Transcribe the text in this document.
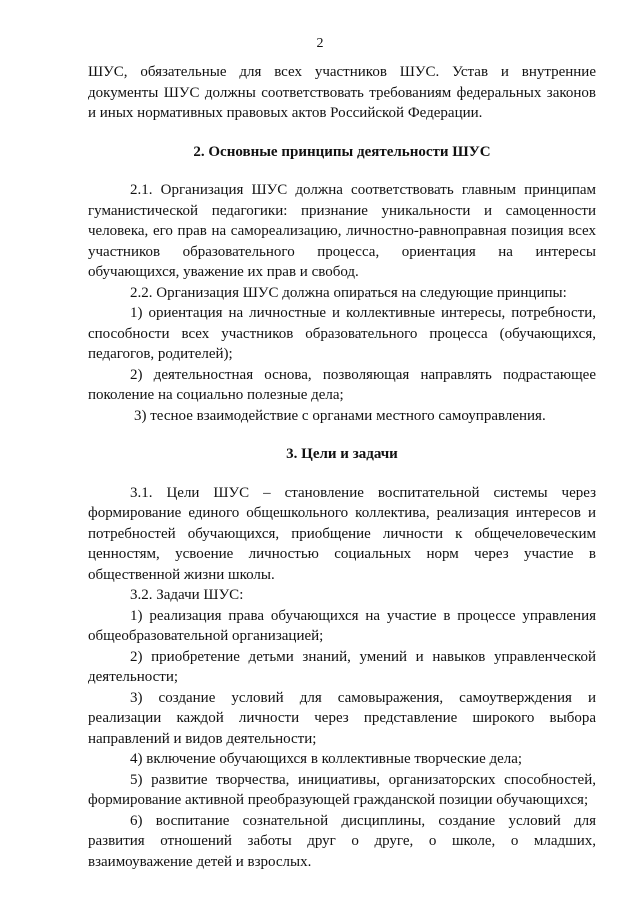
2

ШУС, обязательные для всех участников ШУС. Устав и внутренние документы ШУС должны соответствовать требованиям федеральных законов и иных нормативных правовых актов Российской Федерации.

2. Основные принципы деятельности ШУС

2.1. Организация ШУС должна соответствовать главным принципам гуманистической педагогики: признание уникальности и самоценности человека, его прав на самореализацию, личностно-равноправная позиция всех участников образовательного процесса, ориентация на интересы обучающихся, уважение их прав и свобод.

2.2. Организация ШУС должна опираться на следующие принципы:

1) ориентация на личностные и коллективные интересы, потребности, способности всех участников образовательного процесса (обучающихся, педагогов, родителей);

2) деятельностная основа, позволяющая направлять подрастающее поколение на социально полезные дела;

3) тесное взаимодействие с органами местного самоуправления.

3. Цели и задачи

3.1. Цели ШУС – становление воспитательной системы через формирование единого общешкольного коллектива, реализация интересов и потребностей обучающихся, приобщение личности к общечеловеческим ценностям, усвоение личностью социальных норм через участие в общественной жизни школы.

3.2. Задачи ШУС:

1) реализация права обучающихся на участие в процессе управления общеобразовательной организацией;

2) приобретение детьми знаний, умений и навыков управленческой деятельности;

3) создание условий для самовыражения, самоутверждения и реализации каждой личности через представление широкого выбора направлений и видов деятельности;

4) включение обучающихся в коллективные творческие дела;

5) развитие творчества, инициативы, организаторских способностей, формирование активной преобразующей гражданской позиции обучающихся;

6) воспитание сознательной дисциплины, создание условий для развития отношений заботы друг о друге, о школе, о младших, взаимоуважение детей и взрослых.
